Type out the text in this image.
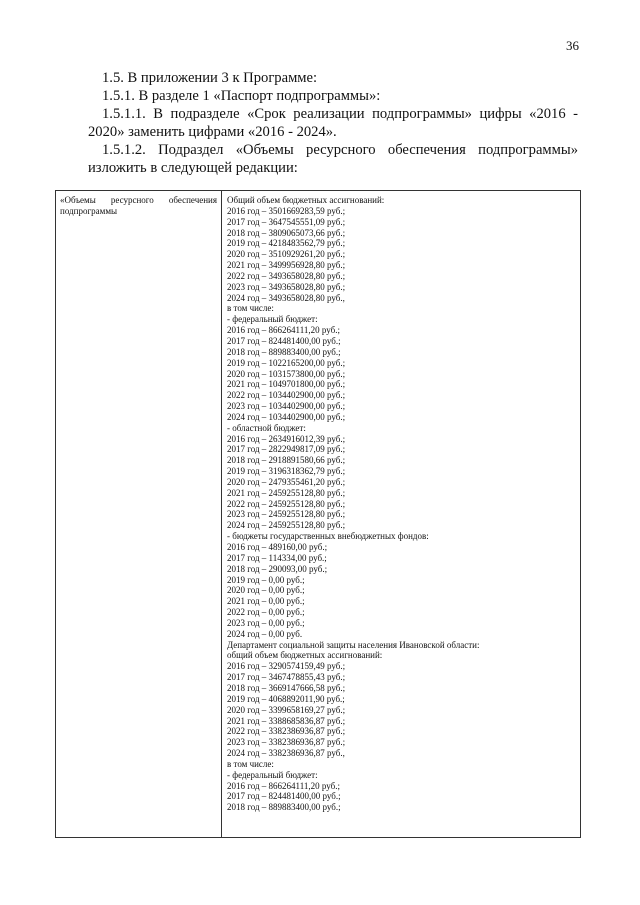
36
1.5. В приложении 3 к Программе:
1.5.1. В разделе 1 «Паспорт подпрограммы»:
1.5.1.1. В подразделе «Срок реализации подпрограммы» цифры «2016 -
2020» заменить цифрами «2016 - 2024».
1.5.1.2. Подраздел «Объемы ресурсного обеспечения подпрограммы»
изложить в следующей редакции:
«Объемы ресурсного обеспечения
подпрограммы
Общий объем бюджетных ассигнований:
2016 год – 3501669283,59 руб.;
2017 год – 3647545551,09 руб.;
2018 год – 3809065073,66 руб.;
2019 год – 4218483562,79 руб.;
2020 год – 3510929261,20 руб.;
2021 год – 3499956928,80 руб.;
2022 год – 3493658028,80 руб.;
2023 год – 3493658028,80 руб.;
2024 год – 3493658028,80 руб.,
в том числе:
- федеральный бюджет:
2016 год – 866264111,20 руб.;
2017 год – 824481400,00 руб.;
2018 год – 889883400,00 руб.;
2019 год – 1022165200,00 руб.;
2020 год – 1031573800,00 руб.;
2021 год – 1049701800,00 руб.;
2022 год – 1034402900,00 руб.;
2023 год – 1034402900,00 руб.;
2024 год – 1034402900,00 руб.;
- областной бюджет:
2016 год – 2634916012,39 руб.;
2017 год – 2822949817,09 руб.;
2018 год – 2918891580,66 руб.;
2019 год – 3196318362,79 руб.;
2020 год – 2479355461,20 руб.;
2021 год – 2459255128,80 руб.;
2022 год – 2459255128,80 руб.;
2023 год – 2459255128,80 руб.;
2024 год – 2459255128,80 руб.;
- бюджеты государственных внебюджетных фондов:
2016 год – 489160,00 руб.;
2017 год – 114334,00 руб.;
2018 год – 290093,00 руб.;
2019 год – 0,00 руб.;
2020 год – 0,00 руб.;
2021 год – 0,00 руб.;
2022 год – 0,00 руб.;
2023 год – 0,00 руб.;
2024 год – 0,00 руб.
Департамент социальной защиты населения Ивановской области:
общий объем бюджетных ассигнований:
2016 год – 3290574159,49 руб.;
2017 год – 3467478855,43 руб.;
2018 год – 3669147666,58 руб.;
2019 год – 4068892011,90 руб.;
2020 год – 3399658169,27 руб.;
2021 год – 3388685836,87 руб.;
2022 год – 3382386936,87 руб.;
2023 год – 3382386936,87 руб.;
2024 год – 3382386936,87 руб.,
в том числе:
- федеральный бюджет:
2016 год – 866264111,20 руб.;
2017 год – 824481400,00 руб.;
2018 год – 889883400,00 руб.;
